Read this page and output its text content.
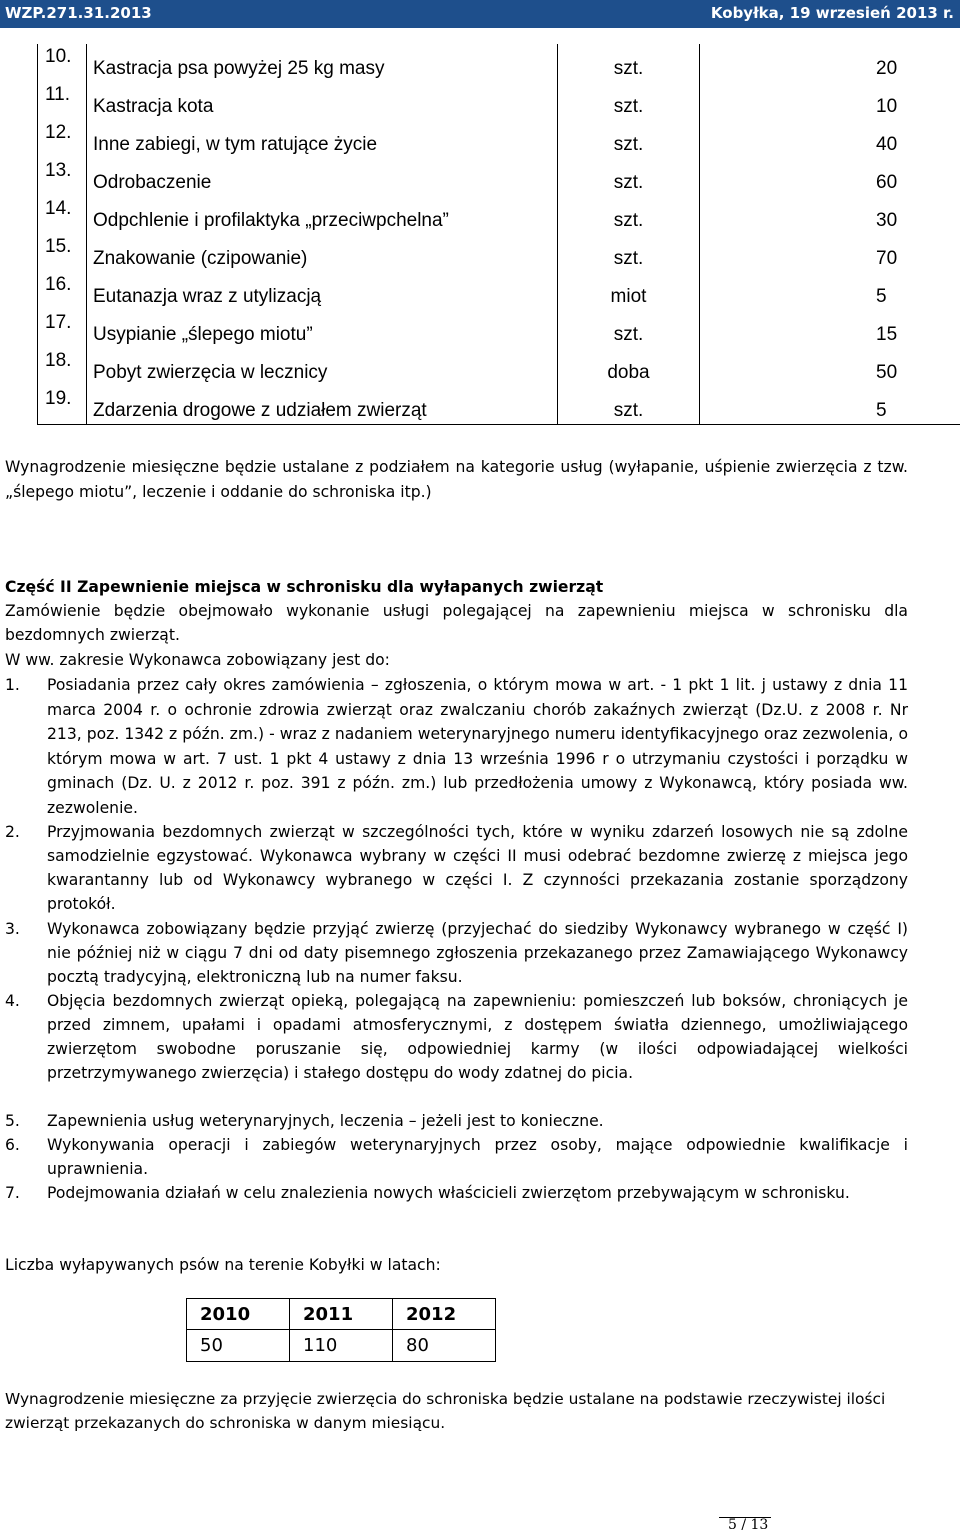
WZP.271.31.2013	Kobyłka, 19 wrzesień 2013 r.
10.	Kastracja psa powyżej 25 kg masy	szt.	20

11.	Kastracja kota	szt.	10

12.	Inne zabiegi, w tym ratujące życie	szt.	40

13.	Odrobaczenie	szt.	60

14.	Odpchlenie i profilaktyka „przeciwpchelna”	szt.	30

15.	Znakowanie (czipowanie)	szt.	70

16.	Eutanazja wraz z utylizacją	miot	5

17.	Usypianie „ślepego miotu”	szt.	15

18.	Pobyt zwierzęcia w lecznicy	doba	50

19.	Zdarzenia drogowe z udziałem zwierząt	szt.	5
Wynagrodzenie miesięczne będzie ustalane z podziałem na kategorie usług (wyłapanie, uśpienie zwierzęcia z tzw. „ślepego miotu”, leczenie i oddanie do schroniska itp.)
Część II Zapewnienie miejsca w schronisku dla wyłapanych zwierząt
Zamówienie będzie obejmowało wykonanie usługi polegającej na zapewnieniu miejsca w schronisku dla bezdomnych zwierząt.
W ww. zakresie Wykonawca zobowiązany jest do:
1.	Posiadania przez cały okres zamówienia – zgłoszenia, o którym mowa w art. - 1 pkt 1 lit. j ustawy z dnia 11 marca 2004 r. o ochronie zdrowia zwierząt oraz zwalczaniu chorób zakaźnych zwierząt (Dz.U. z 2008 r. Nr 213, poz. 1342 z późn. zm.) - wraz z nadaniem weterynaryjnego numeru identyfikacyjnego oraz zezwolenia, o którym mowa w art. 7 ust. 1 pkt 4 ustawy z dnia 13 września 1996 r o utrzymaniu czystości i porządku w gminach (Dz. U. z 2012 r. poz. 391 z późn. zm.) lub przedłożenia umowy z Wykonawcą, który posiada ww. zezwolenie.
2.	Przyjmowania bezdomnych zwierząt w szczególności tych, które w wyniku zdarzeń losowych nie są zdolne samodzielnie egzystować. Wykonawca wybrany w części II musi odebrać bezdomne zwierzę z miejsca jego kwarantanny lub od Wykonawcy wybranego w części I. Z czynności przekazania zostanie sporządzony protokół.
3.	Wykonawca zobowiązany będzie przyjąć zwierzę (przyjechać do siedziby Wykonawcy wybranego w część I) nie później niż w ciągu 7 dni od daty pisemnego zgłoszenia przekazanego przez Zamawiającego Wykonawcy pocztą tradycyjną, elektroniczną lub na numer faksu.
4.	Objęcia bezdomnych zwierząt opieką, polegającą na zapewnieniu: pomieszczeń lub boksów, chroniących je przed zimnem, upałami i opadami atmosferycznymi, z dostępem światła dziennego, umożliwiającego zwierzętom swobodne poruszanie się, odpowiedniej karmy (w ilości odpowiadającej wielkości przetrzymywanego zwierzęcia) i stałego dostępu do wody zdatnej do picia.
5.	Zapewnienia usług weterynaryjnych, leczenia – jeżeli jest to konieczne.
6.	Wykonywania operacji i zabiegów weterynaryjnych przez osoby, mające odpowiednie kwalifikacje i uprawnienia.
7.	Podejmowania działań w celu znalezienia nowych właścicieli zwierzętom przebywającym w schronisku.
Liczba wyłapywanych psów na terenie Kobyłki w latach:
2010	2011	2012
50	110	80
Wynagrodzenie miesięczne za przyjęcie zwierzęcia do schroniska będzie ustalane na podstawie rzeczywistej ilości zwierząt przekazanych do schroniska w danym miesiącu.
5 / 13
